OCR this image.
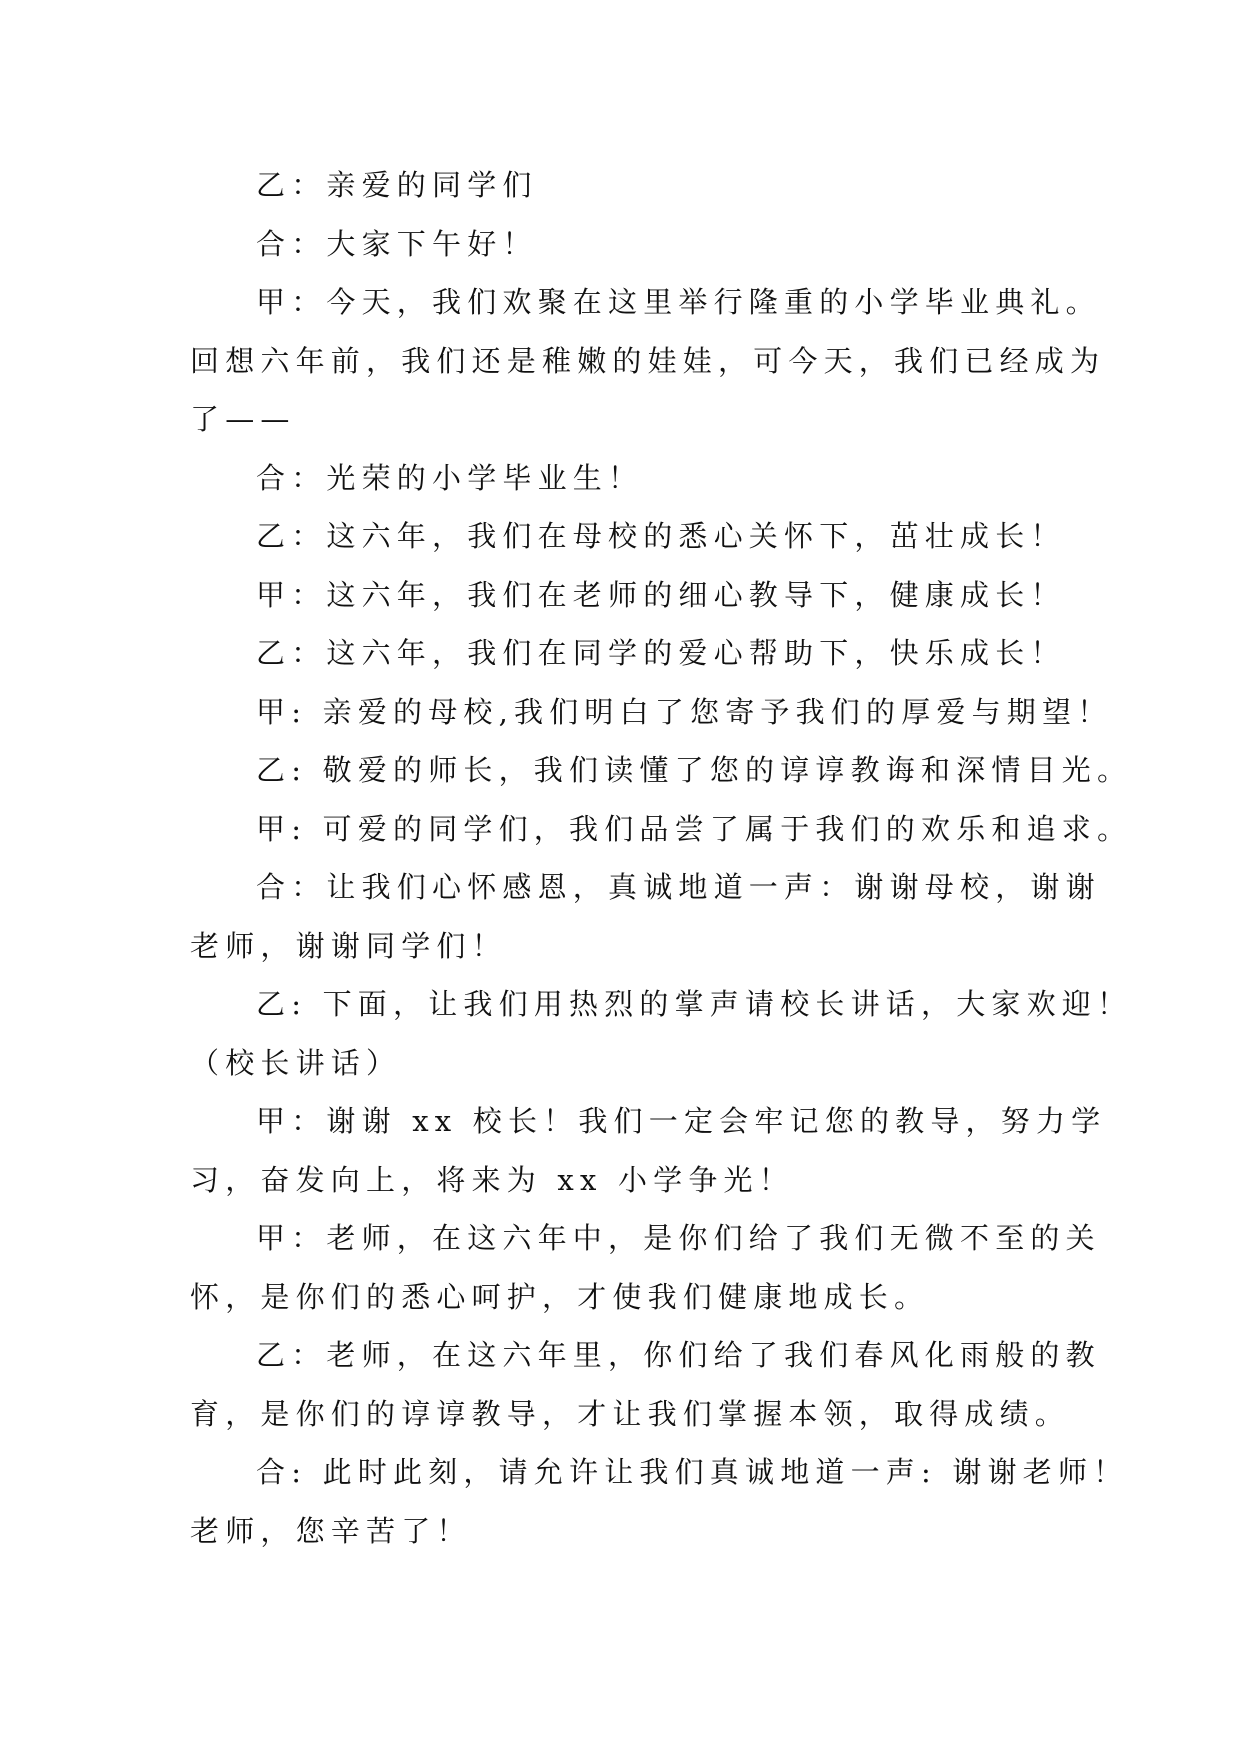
乙：亲爱的同学们
合：大家下午好！
甲：今天，我们欢聚在这里举行隆重的小学毕业典礼。
回想六年前，我们还是稚嫩的娃娃，可今天，我们已经成为
了——
合：光荣的小学毕业生！
乙：这六年，我们在母校的悉心关怀下，茁壮成长！
甲：这六年，我们在老师的细心教导下，健康成长！
乙：这六年，我们在同学的爱心帮助下，快乐成长！
甲: 亲爱的母校,我们明白了您寄予我们的厚爱与期望！
乙: 敬爱的师长，我们读懂了您的谆谆教诲和深情目光。
甲: 可爱的同学们，我们品尝了属于我们的欢乐和追求。
合：让我们心怀感恩，真诚地道一声：谢谢母校，谢谢
老师，谢谢同学们！
乙: 下面，让我们用热烈的掌声请校长讲话，大家欢迎！
（校长讲话）
甲：谢谢 xx 校长！我们一定会牢记您的教导，努力学
习，奋发向上，将来为 xx 小学争光！
甲：老师，在这六年中，是你们给了我们无微不至的关
怀，是你们的悉心呵护，才使我们健康地成长。
乙：老师，在这六年里，你们给了我们春风化雨般的教
育，是你们的谆谆教导，才让我们掌握本领，取得成绩。
合: 此时此刻，请允许让我们真诚地道一声: 谢谢老师！
老师，您辛苦了！
